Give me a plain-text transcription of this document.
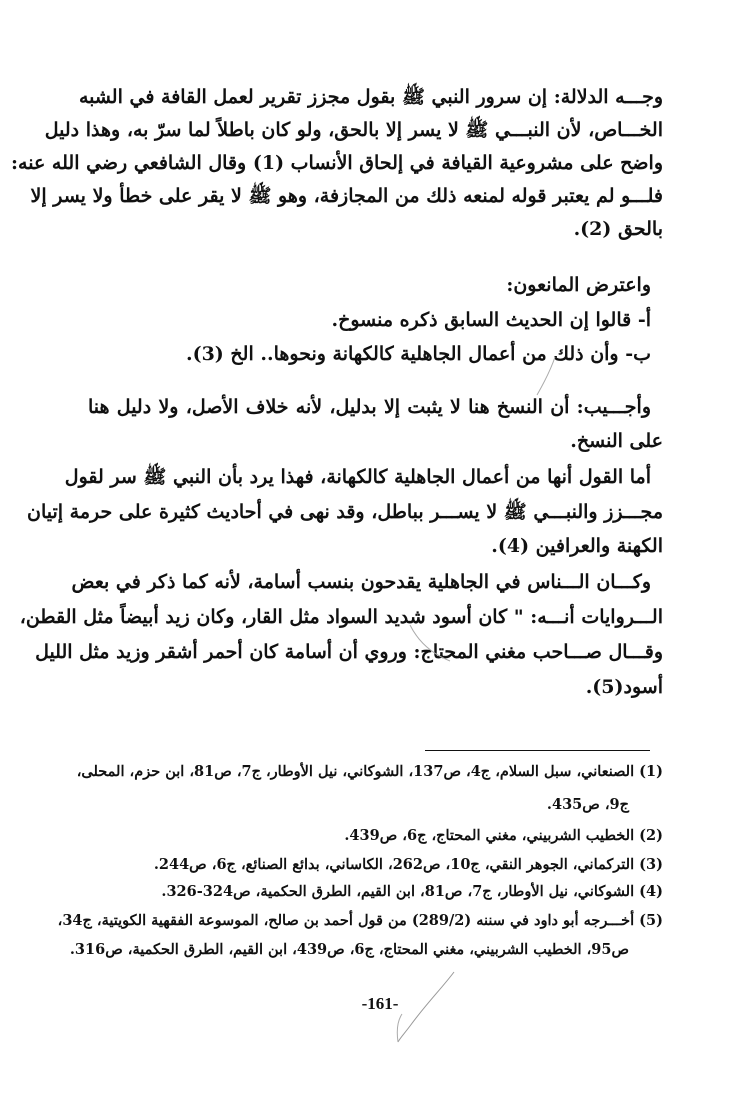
وجـــه الدلالة: إن سرور النبي ﷺ بقول مجزز تقرير لعمل القافة في الشبه
الخـــاص، لأن النبـــي ﷺ لا يسر إلا بالحق، ولو كان باطلاً لما سرّ به، وهذا دليل
واضح على مشروعية القيافة في إلحاق الأنساب (1) وقال الشافعي رضي الله عنه:
فلـــو لم يعتبر قوله لمنعه ذلك من المجازفة، وهو ﷺ لا يقر على خطأ ولا يسر إلا
بالحق (2).
واعترض المانعون:
أ- قالوا إن الحديث السابق ذكره منسوخ.
ب- وأن ذلك من أعمال الجاهلية كالكهانة ونحوها.. الخ (3).
وأجـــيب: أن النسخ هنا لا يثبت إلا بدليل، لأنه خلاف الأصل، ولا دليل هنا
على النسخ.
أما القول أنها من أعمال الجاهلية كالكهانة، فهذا يرد بأن النبي ﷺ سر لقول
مجـــزز والنبـــي ﷺ لا يســـر بباطل، وقد نهى في أحاديث كثيرة على حرمة إتيان
الكهنة والعرافين (4).
وكـــان الـــناس في الجاهلية يقدحون بنسب أسامة، لأنه كما ذكر في بعض
الـــروايات أنـــه: " كان أسود شديد السواد مثل القار، وكان زيد أبيضاً مثل القطن،
وقـــال صـــاحب مغني المحتاج: وروي أن أسامة كان أحمر أشقر وزيد مثل الليل
أسود(5).
(1) الصنعاني، سبل السلام، ج4، ص137، الشوكاني، نيل الأوطار، ج7، ص81، ابن حزم، المحلى،
ج9، ص435.
(2) الخطيب الشربيني، مغني المحتاج، ج6، ص439.
(3) التركماني، الجوهر النقي، ج10، ص262، الكاساني، بدائع الصنائع، ج6، ص244.
(4) الشوكاني، نيل الأوطار، ج7، ص81، ابن القيم، الطرق الحكمية، ص324-326.
(5) أخـــرجه أبو داود في سننه (289/2) من قول أحمد بن صالح، الموسوعة الفقهية الكويتية، ج34،
ص95، الخطيب الشربيني، مغني المحتاج، ج6، ص439، ابن القيم، الطرق الحكمية، ص316.
-161-
